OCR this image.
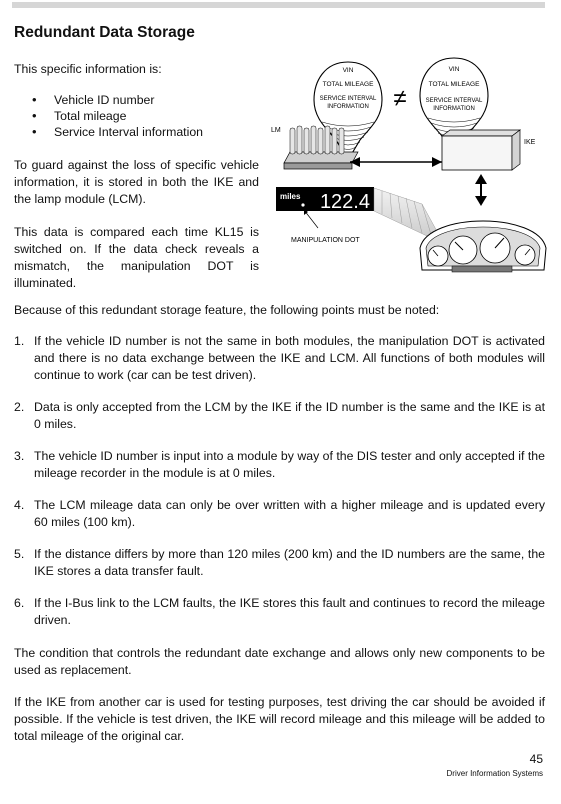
Redundant Data Storage

This specific information is:

• Vehicle ID number
• Total mileage
• Service Interval information

To guard against the loss of specific vehicle information, it is stored in both the IKE and the lamp module (LCM).

This data is compared each time KL15 is switched on. If the data check reveals a mismatch, the manipulation DOT is illuminated.

VIN
TOTAL MILEAGE
SERVICE INTERVAL
INFORMATION ≠
VIN
TOTAL MILEAGE
SERVICE INTERVAL
INFORMATION
LM
IKE
miles 122.4
MANIPULATION DOT

Because of this redundant storage feature, the following points must be noted:

1. If the vehicle ID number is not the same in both modules, the manipulation DOT is activated and there is no data exchange between the IKE and LCM. All functions of both modules will continue to work (car can be test driven).
2. Data is only accepted from the LCM by the IKE if the ID number is the same and the IKE is at 0 miles.
3. The vehicle ID number is input into a module by way of the DIS tester and only accepted if the mileage recorder in the module is at 0 miles.
4. The LCM mileage data can only be over written with a higher mileage and is updated every 60 miles (100 km).
5. If the distance differs by more than 120 miles (200 km) and the ID numbers are the same, the IKE stores a data transfer fault.
6. If the I-Bus link to the LCM faults, the IKE stores this fault and continues to record the mileage driven.

The condition that controls the redundant date exchange and allows only new components to be used as replacement.

If the IKE from another car is used for testing purposes, test driving the car should be avoided if possible. If the vehicle is test driven, the IKE will record mileage and this mileage will be added to total mileage of the original car.

45
Driver Information Systems
